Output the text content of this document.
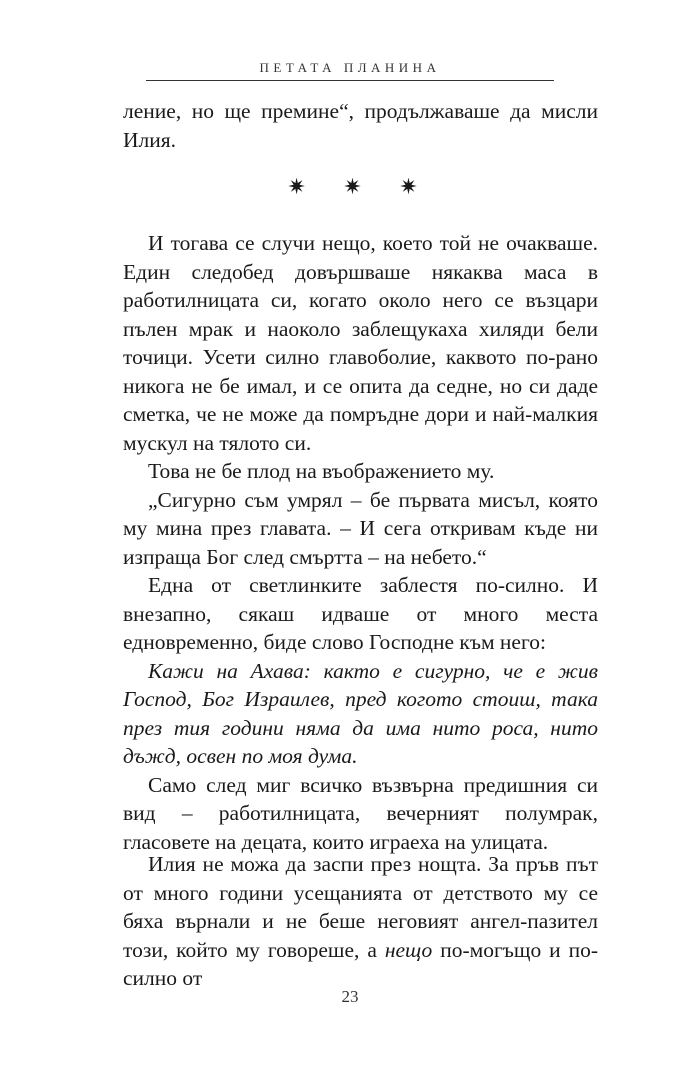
ПЕТАТА ПЛАНИНА

ление, но ще премине“, продължаваше да мисли Илия.

✷ ✷ ✷

И тогава се случи нещо, което той не очакваше. Един следобед довършваше някаква маса в работилницата си, когато около него се възцари пълен мрак и наоколо заблещукаха хиляди бели точици. Усети силно главоболие, каквото по-рано никога не бе имал, и се опита да седне, но си даде сметка, че не може да помръдне дори и най-малкия мускул на тялото си.

Това не бе плод на въображението му.

„Сигурно съм умрял – бе първата мисъл, която му мина през главата. – И сега откривам къде ни изпраща Бог след смъртта – на небето.“

Една от светлинките заблестя по-силно. И внезапно, сякаш идваше от много места едновременно, биде слово Господне към него:

Кажи на Ахава: както е сигурно, че е жив Господ, Бог Израилев, пред когото стоиш, така през тия години няма да има нито роса, нито дъжд, освен по моя дума.

Само след миг всичко възвърна предишния си вид – работилницата, вечерният полумрак, гласовете на децата, които играеха на улицата.

Илия не можа да заспи през нощта. За пръв път от много години усещанията от детството му се бяха върнали и не беше неговият ангел-пазител този, който му говореше, а нещо по-могъщо и по-силно от

23
